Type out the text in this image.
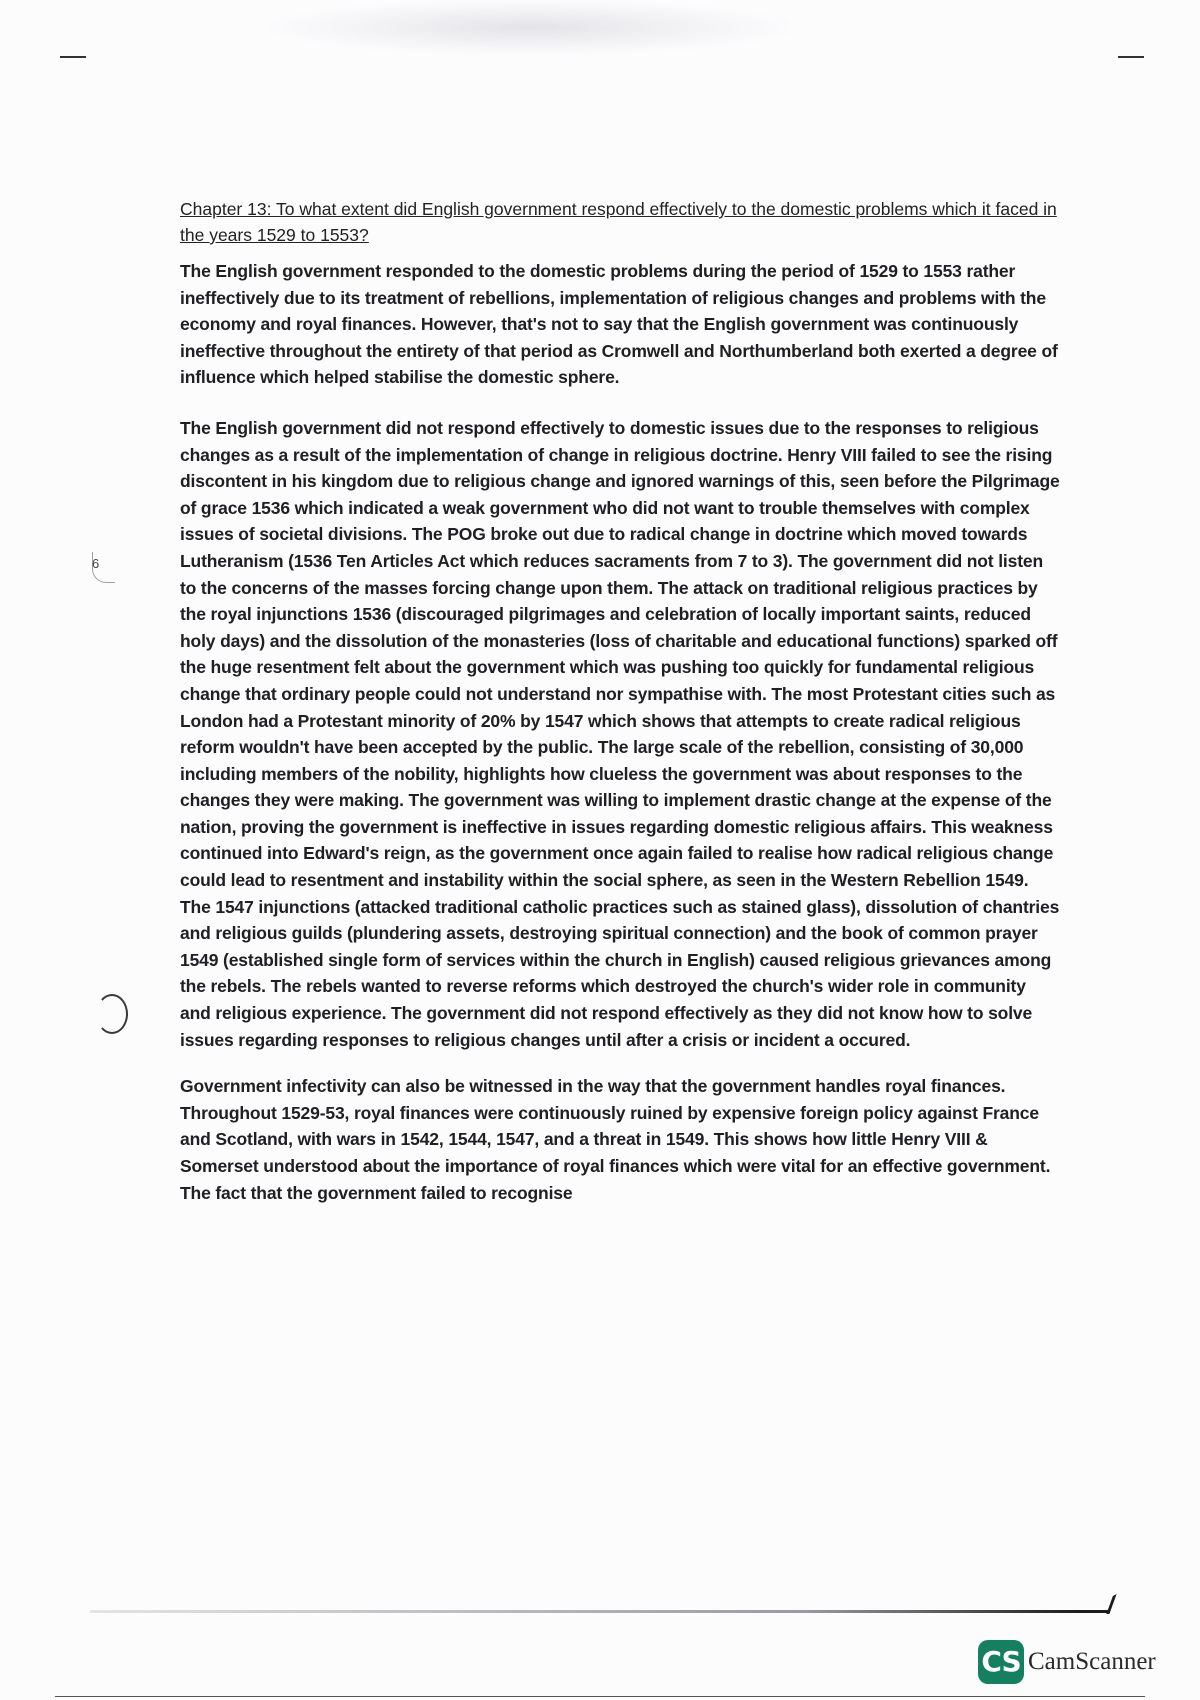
Chapter 13: To what extent did English government respond effectively to the domestic problems which it faced in the years 1529 to 1553?

The English government responded to the domestic problems during the period of 1529 to 1553 rather ineffectively due to its treatment of rebellions, implementation of religious changes and problems with the economy and royal finances. However, that's not to say that the English government was continuously ineffective throughout the entirety of that period as Cromwell and Northumberland both exerted a degree of influence which helped stabilise the domestic sphere.

The English government did not respond effectively to domestic issues due to the responses to religious changes as a result of the implementation of change in religious doctrine. Henry VIII failed to see the rising discontent in his kingdom due to religious change and ignored warnings of this, seen before the Pilgrimage of grace 1536 which indicated a weak government who did not want to trouble themselves with complex issues of societal divisions. The POG broke out due to radical change in doctrine which moved towards Lutheranism (1536 Ten Articles Act which reduces sacraments from 7 to 3). The government did not listen to the concerns of the masses forcing change upon them. The attack on traditional religious practices by the royal injunctions 1536 (discouraged pilgrimages and celebration of locally important saints, reduced holy days) and the dissolution of the monasteries (loss of charitable and educational functions) sparked off the huge resentment felt about the government which was pushing too quickly for fundamental religious change that ordinary people could not understand nor sympathise with. The most Protestant cities such as London had a Protestant minority of 20% by 1547 which shows that attempts to create radical religious reform wouldn't have been accepted by the public. The large scale of the rebellion, consisting of 30,000 including members of the nobility, highlights how clueless the government was about responses to the changes they were making. The government was willing to implement drastic change at the expense of the nation, proving the government is ineffective in issues regarding domestic religious affairs. This weakness continued into Edward's reign, as the government once again failed to realise how radical religious change could lead to resentment and instability within the social sphere, as seen in the Western Rebellion 1549. The 1547 injunctions (attacked traditional catholic practices such as stained glass), dissolution of chantries and religious guilds (plundering assets, destroying spiritual connection) and the book of common prayer 1549 (established single form of services within the church in English) caused religious grievances among the rebels. The rebels wanted to reverse reforms which destroyed the church's wider role in community and religious experience. The government did not respond effectively as they did not know how to solve issues regarding responses to religious changes until after a crisis or incident a occured.

Government infectivity can also be witnessed in the way that the government handles royal finances. Throughout 1529-53, royal finances were continuously ruined by expensive foreign policy against France and Scotland, with wars in 1542, 1544, 1547, and a threat in 1549. This shows how little Henry VIII & Somerset understood about the importance of royal finances which were vital for an effective government. The fact that the government failed to recognise

6
CS CamScanner
